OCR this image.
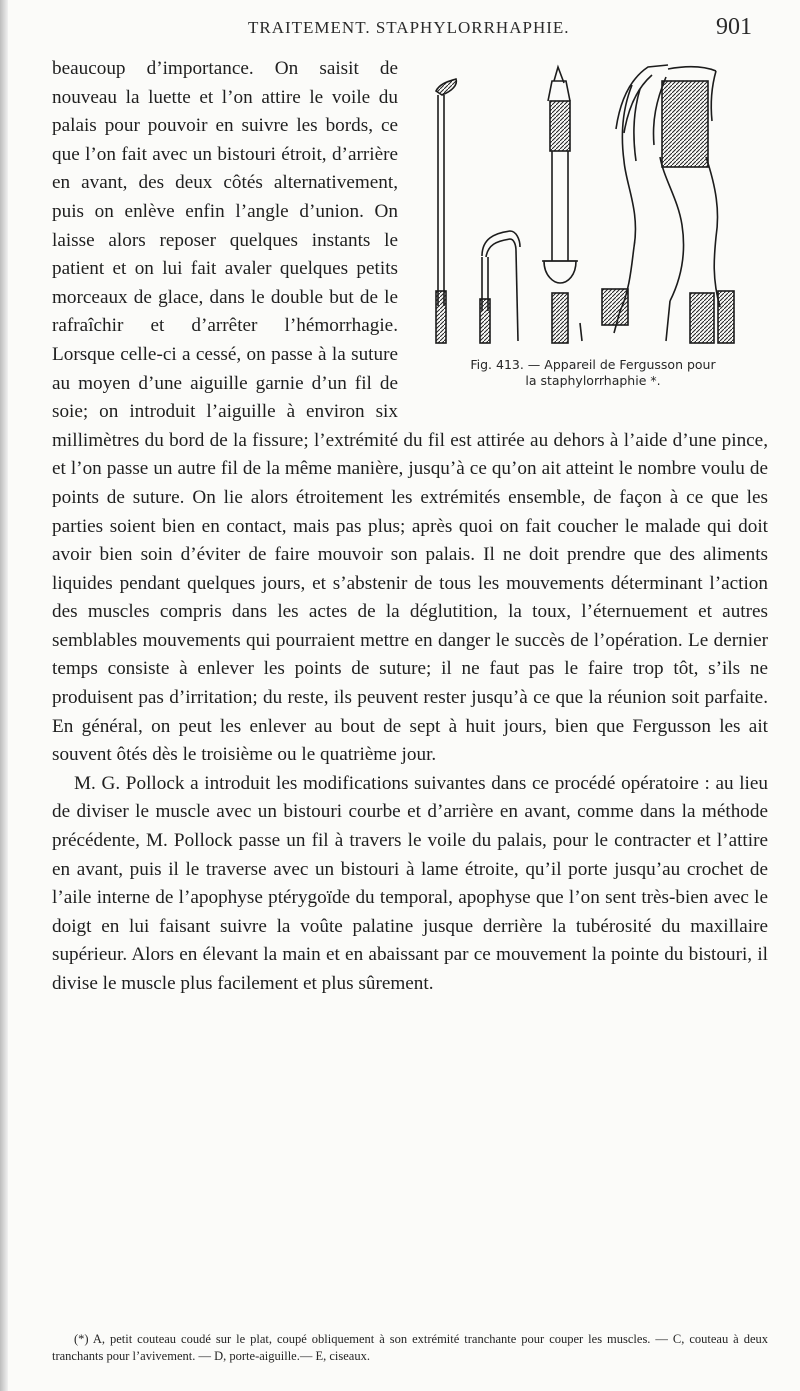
TRAITEMENT. STAPHYLORRHAPHIE.	901
Fig. 413. — Appareil de Fergusson pour
la staphylorrhaphie *.

beaucoup d’importance. On saisit de nouveau la luette et l’on attire le voile du palais pour pouvoir en suivre les bords, ce que l’on fait avec un bistouri étroit, d’arrière en avant, des deux côtés alternativement, puis on enlève enfin l’angle d’union. On laisse alors reposer quelques instants le patient et on lui fait avaler quelques petits morceaux de glace, dans le double but de le rafraîchir et d’arrêter l’hémorrhagie. Lorsque celle-ci a cessé, on passe à la suture au moyen d’une aiguille garnie d’un fil de soie; on introduit l’aiguille à environ six millimètres du bord de la fissure; l’extrémité du fil est attirée au dehors à l’aide d’une pince, et l’on passe un autre fil de la même manière, jusqu’à ce qu’on ait atteint le nombre voulu de points de suture. On lie alors étroitement les extrémités ensemble, de façon à ce que les parties soient bien en contact, mais pas plus; après quoi on fait coucher le malade qui doit avoir bien soin d’éviter de faire mouvoir son palais. Il ne doit prendre que des aliments liquides pendant quelques jours, et s’abstenir de tous les mouvements déterminant l’action des muscles compris dans les actes de la déglutition, la toux, l’éternuement et autres semblables mouvements qui pourraient mettre en danger le succès de l’opération. Le dernier temps consiste à enlever les points de suture; il ne faut pas le faire trop tôt, s’ils ne produisent pas d’irritation; du reste, ils peuvent rester jusqu’à ce que la réunion soit parfaite. En général, on peut les enlever au bout de sept à huit jours, bien que Fergusson les ait souvent ôtés dès le troisième ou le quatrième jour.

M. G. Pollock a introduit les modifications suivantes dans ce procédé opératoire : au lieu de diviser le muscle avec un bistouri courbe et d’arrière en avant, comme dans la méthode précédente, M. Pollock passe un fil à travers le voile du palais, pour le contracter et l’attire en avant, puis il le traverse avec un bistouri à lame étroite, qu’il porte jusqu’au crochet de l’aile interne de l’apophyse ptérygoïde du temporal, apophyse que l’on sent très-bien avec le doigt en lui faisant suivre la voûte palatine jusque derrière la tubérosité du maxillaire supérieur. Alors en élevant la main et en abaissant par ce mouvement la pointe du bistouri, il divise le muscle plus facilement et plus sûrement.

(*) A, petit couteau coudé sur le plat, coupé obliquement à son extrémité tranchante pour couper les muscles. — C, couteau à deux tranchants pour l’avivement. — D, porte-aiguille.— E, ciseaux.
